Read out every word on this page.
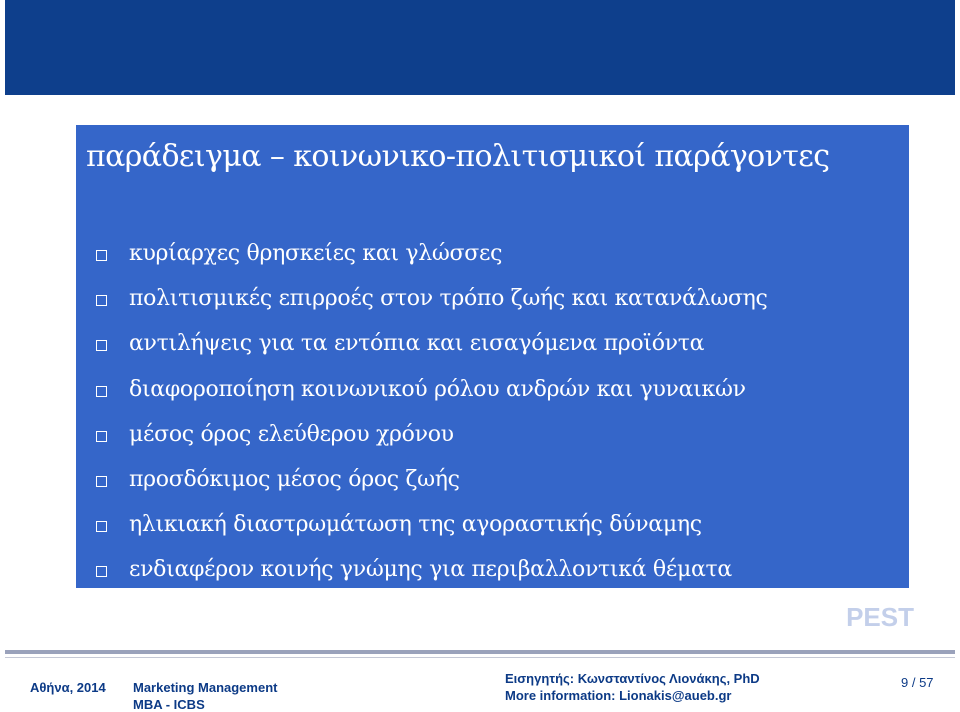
παράδειγμα – κοινωνικο-πολιτισμικοί παράγοντες
κυρίαρχες θρησκείες και γλώσσες
πολιτισμικές επιρροές στον τρόπο ζωής και κατανάλωσης
αντιλήψεις για τα εντόπια και εισαγόμενα προϊόντα
διαφοροποίηση κοινωνικού ρόλου ανδρών και γυναικών
μέσος όρος ελεύθερου χρόνου
προσδόκιμος μέσος όρος ζωής
ηλικιακή διαστρωμάτωση της αγοραστικής δύναμης
ενδιαφέρον κοινής γνώμης για περιβαλλοντικά θέματα
PEST
Αθήνα, 2014 Marketing Management
MBA - ICBS
Εισηγητής: Κωνσταντίνος Λιονάκης, PhD
More information: Lionakis@aueb.gr
9 / 57
